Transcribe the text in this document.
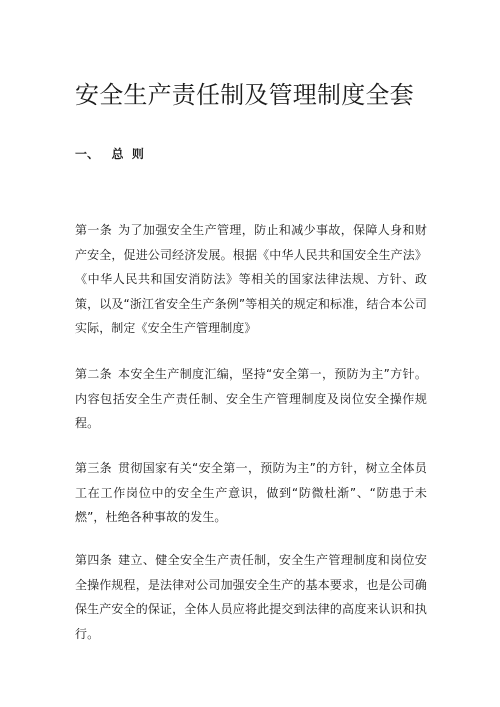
安全生产责任制及管理制度全套
一、   总  则

第一条 为了加强安全生产管理，防止和减少事故，保障人身和财产安全，促进公司经济发展。根据《中华人民共和国安全生产法》《中华人民共和国安消防法》等相关的国家法律法规、方针、政策，以及“浙江省安全生产条例”等相关的规定和标准，结合本公司实际，制定《安全生产管理制度》

第二条 本安全生产制度汇编，坚持“安全第一，预防为主”方针。内容包括安全生产责任制、安全生产管理制度及岗位安全操作规程。

第三条 贯彻国家有关“安全第一，预防为主”的方针，树立全体员工在工作岗位中的安全生产意识，做到“防微杜渐”、“防患于未燃”，杜绝各种事故的发生。

第四条 建立、健全安全生产责任制，安全生产管理制度和岗位安全操作规程，是法律对公司加强安全生产的基本要求，也是公司确保生产安全的保证，全体人员应将此提交到法律的高度来认识和执行。
